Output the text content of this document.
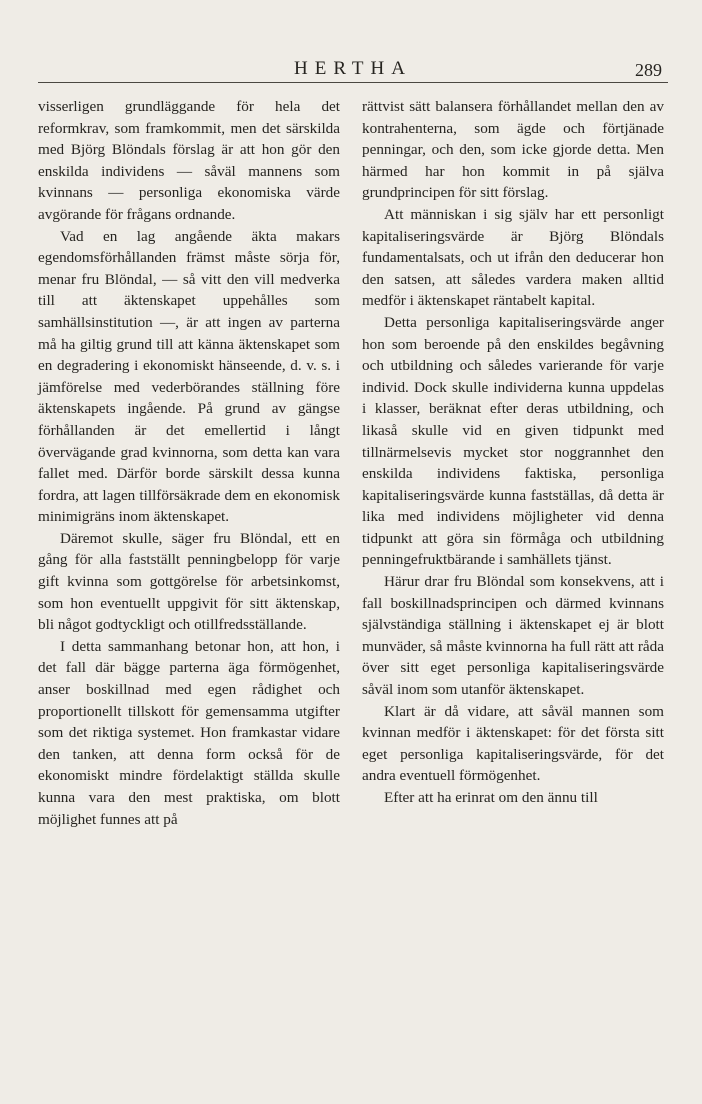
HERTHA	289

visserligen grundläggande för hela det reformkrav, som framkommit, men det särskilda med Björg Blöndals förslag är att hon gör den enskilda individens — såväl mannens som kvinnans — personliga ekonomiska värde avgörande för frågans ordnande.

Vad en lag angående äkta makars egendomsförhållanden främst måste sörja för, menar fru Blöndal, — så vitt den vill medverka till att äktenskapet uppehålles som samhällsinstitution —, är att ingen av parterna må ha giltig grund till att känna äktenskapet som en degradering i ekonomiskt hänseende, d. v. s. i jämförelse med vederbörandes ställning före äktenskapets ingående. På grund av gängse förhållanden är det emellertid i långt övervägande grad kvinnorna, som detta kan vara fallet med. Därför borde särskilt dessa kunna fordra, att lagen tillförsäkrade dem en ekonomisk minimigräns inom äktenskapet.

Däremot skulle, säger fru Blöndal, ett en gång för alla fastställt penningbelopp för varje gift kvinna som gottgörelse för arbetsinkomst, som hon eventuellt uppgivit för sitt äktenskap, bli något godtyckligt och otillfredsställande.

I detta sammanhang betonar hon, att hon, i det fall där bägge parterna äga förmögenhet, anser boskillnad med egen rådighet och proportionellt tillskott för gemensamma utgifter som det riktiga systemet. Hon framkastar vidare den tanken, att denna form också för de ekonomiskt mindre fördelaktigt ställda skulle kunna vara den mest praktiska, om blott möjlighet funnes att på

rättvist sätt balansera förhållandet mellan den av kontrahenterna, som ägde och förtjänade penningar, och den, som icke gjorde detta. Men härmed har hon kommit in på själva grundprincipen för sitt förslag.

Att människan i sig själv har ett personligt kapitaliseringsvärde är Björg Blöndals fundamentalsats, och ut ifrån den deducerar hon den satsen, att således vardera maken alltid medför i äktenskapet räntabelt kapital.

Detta personliga kapitaliseringsvärde anger hon som beroende på den enskildes begåvning och utbildning och således varierande för varje individ. Dock skulle individerna kunna uppdelas i klasser, beräknat efter deras utbildning, och likaså skulle vid en given tidpunkt med tillnärmelsevis mycket stor noggrannhet den enskilda individens faktiska, personliga kapitaliseringsvärde kunna fastställas, då detta är lika med individens möjligheter vid denna tidpunkt att göra sin förmåga och utbildning penningefruktbärande i samhällets tjänst.

Härur drar fru Blöndal som konsekvens, att i fall boskillnadsprincipen och därmed kvinnans självständiga ställning i äktenskapet ej är blott munväder, så måste kvinnorna ha full rätt att råda över sitt eget personliga kapitaliseringsvärde såväl inom som utanför äktenskapet.

Klart är då vidare, att såväl mannen som kvinnan medför i äktenskapet: för det första sitt eget personliga kapitaliseringsvärde, för det andra eventuell förmögenhet.

Efter att ha erinrat om den ännu till
